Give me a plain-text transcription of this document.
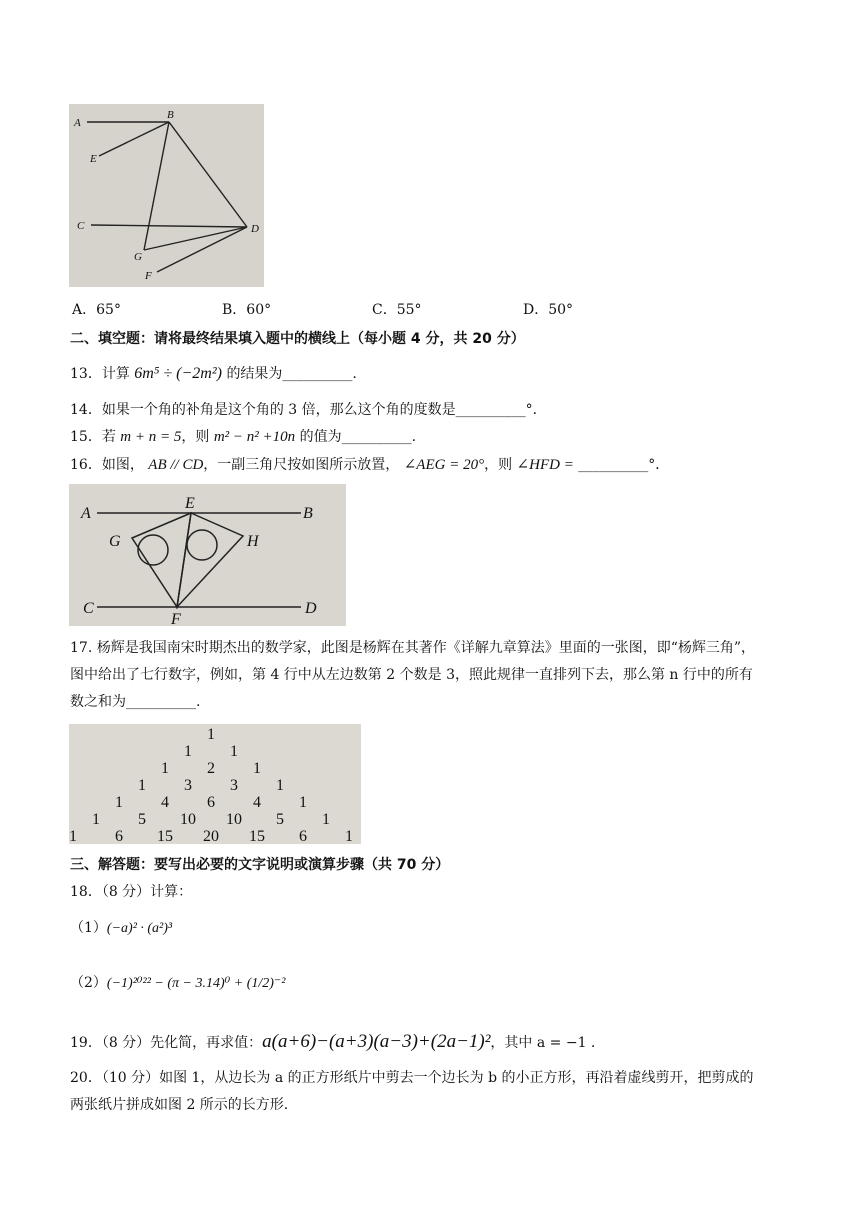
A
B
E
C	D
G
F
A．65°	B．60°	C．55°	D．50°
二、填空题：请将最终结果填入题中的横线上（每小题 4 分，共 20 分）
13．计算 6m⁵ ÷ (−2m²) 的结果为__________.
14．如果一个角的补角是这个角的 3 倍，那么这个角的度数是__________°．
15．若 m + n = 5，则 m² − n² +10n 的值为__________.
16．如图， AB // CD，一副三角尺按如图所示放置， ∠AEG = 20°，则 ∠HFD = __________°．
A	B
E
G	H
C	D
F
17. 杨辉是我国南宋时期杰出的数学家，此图是杨辉在其著作《详解九章算法》里面的一张图，即“杨辉三角”，
图中给出了七行数字，例如，第 4 行中从左边数第 2 个数是 3，照此规律一直排列下去，那么第 n 行中的所有
数之和为__________.
1
1 1
1 2 1
1 3 3 1
1 4 6 4 1
1 5 10 10 5 1
1 6 15 20 15 6 1
三、解答题：要写出必要的文字说明或演算步骤（共 70 分）
18．（8 分）计算：
（1）(−a)² · (a²)³
（2）(−1)²⁰²² − (π − 3.14)⁰ + (1/2)⁻²
19．（8 分）先化简，再求值：a(a+6)−(a+3)(a−3)+(2a−1)²，其中 a = −1 .
20．（10 分）如图 1，从边长为 a 的正方形纸片中剪去一个边长为 b 的小正方形，再沿着虚线剪开，把剪成的
两张纸片拼成如图 2 所示的长方形.
